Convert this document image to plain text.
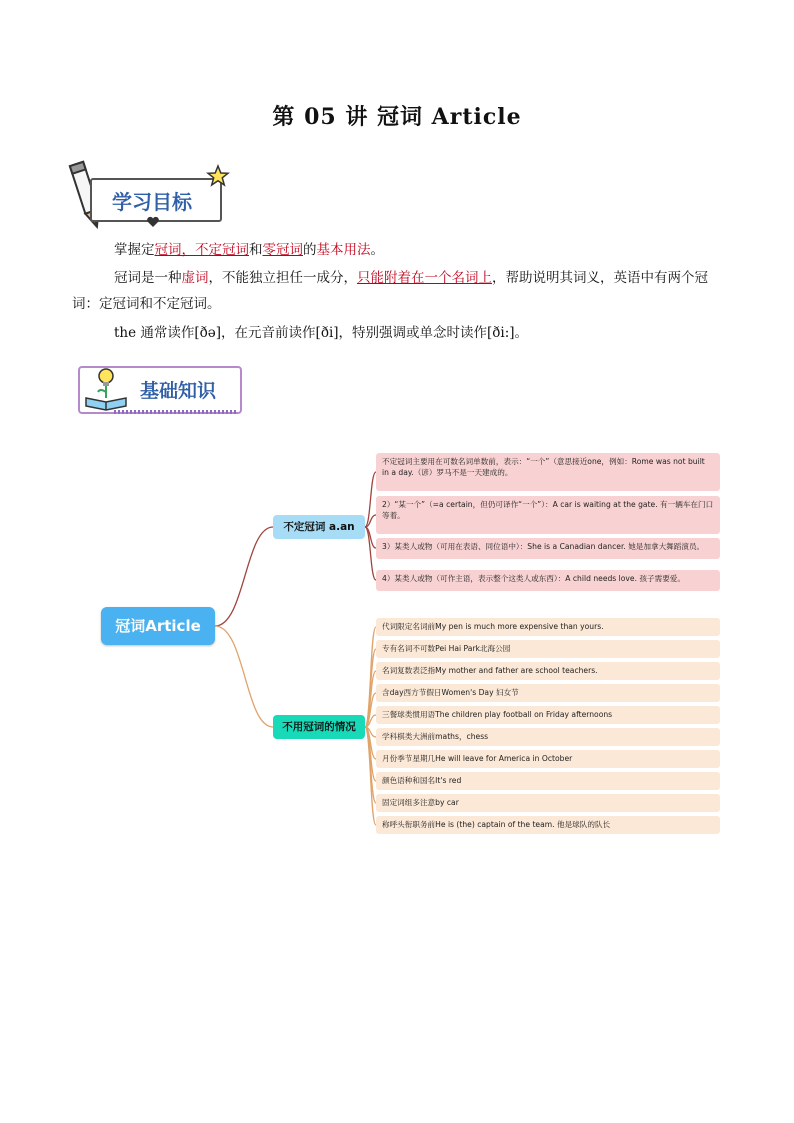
第 05 讲 冠词 Article
学习目标
掌握定冠词，不定冠词和零冠词的基本用法。
冠词是一种虚词，不能独立担任一成分，只能附着在一个名词上，帮助说明其词义，英语中有两个冠词：定冠词和不定冠词。
the 通常读作[ðə]，在元音前读作[ði]，特别强调或单念时读作[ði:]。
基础知识
冠词Article
不定冠词 a.an
不用冠词的情况
不定冠词主要用在可数名词单数前，表示：“一个”（意思接近one，例如：Rome was not built in a day.（谚）罗马不是一天建成的。
2）“某一个”（=a certain，但仍可译作“一个”）：A car is waiting at the gate. 有一辆车在门口等着。
3）某类人或物（可用在表语、同位语中）：She is a Canadian dancer. 她是加拿大舞蹈演员。
4）某类人或物（可作主语，表示整个这类人或东西）：A child needs love. 孩子需要爱。
代词限定名词前My pen is much more expensive than yours.
专有名词不可数Pei Hai Park北海公园
名词复数表泛指My mother and father are school teachers.
含day西方节假日Women's Day 妇女节
三餐球类惯用语The children play football on Friday afternoons
学科棋类大洲前maths，chess
月份季节星期几He will leave for America in October
颜色语种和国名It's red
固定词组多注意by car
称呼头衔职务前He is (the) captain of the team. 他是球队的队长
